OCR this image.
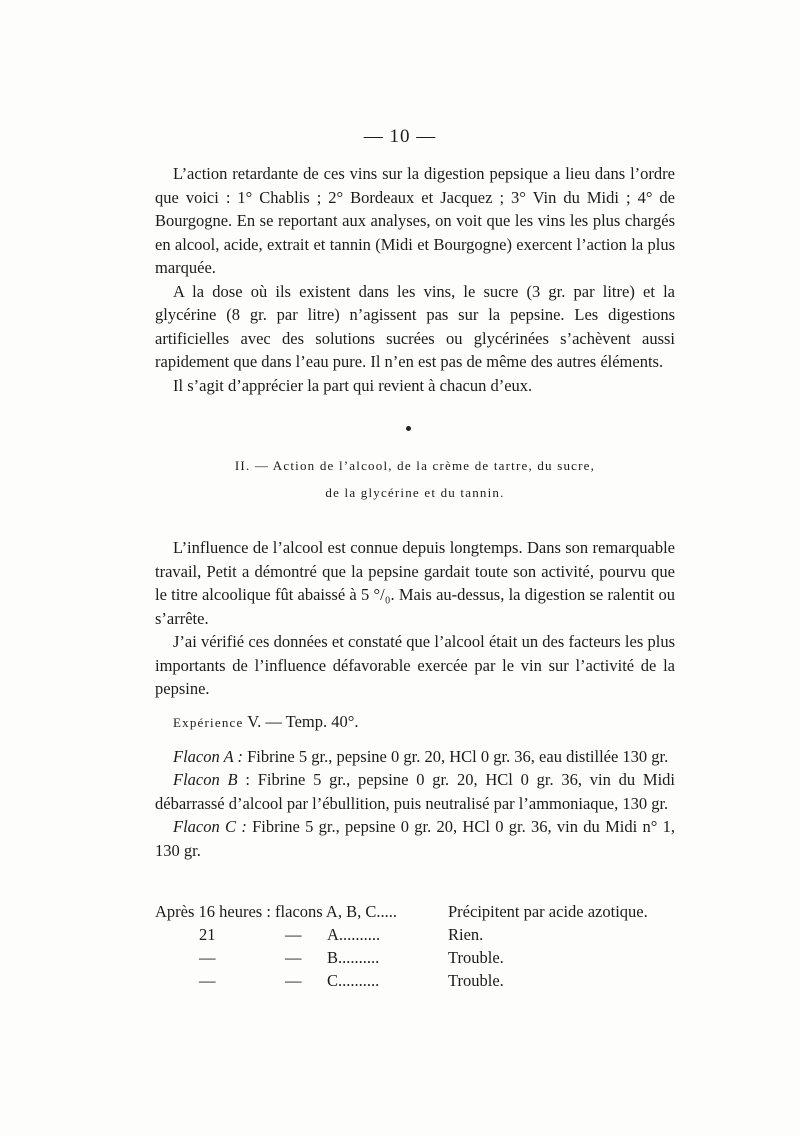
— 10 —

L’action retardante de ces vins sur la digestion pepsique a lieu dans l’ordre que voici : 1° Chablis ; 2° Bordeaux et Jacquez ; 3° Vin du Midi ; 4° de Bourgogne. En se reportant aux analyses, on voit que les vins les plus chargés en alcool, acide, extrait et tannin (Midi et Bourgogne) exercent l’action la plus marquée.

A la dose où ils existent dans les vins, le sucre (3 gr. par litre) et la glycérine (8 gr. par litre) n’agissent pas sur la pepsine. Les digestions artificielles avec des solutions sucrées ou glycérinées s’achèvent aussi rapidement que dans l’eau pure. Il n’en est pas de même des autres éléments.

Il s’agit d’apprécier la part qui revient à chacun d’eux.

II. — Action de l’alcool, de la crème de tartre, du sucre,
de la glycérine et du tannin.

L’influence de l’alcool est connue depuis longtemps. Dans son remarquable travail, Petit a démontré que la pepsine gardait toute son activité, pourvu que le titre alcoolique fût abaissé à 5 °/₀. Mais au-dessus, la digestion se ralentit ou s’arrête.

J’ai vérifié ces données et constaté que l’alcool était un des facteurs les plus importants de l’influence défavorable exercée par le vin sur l’activité de la pepsine.

Expérience V. — Temp. 40°.

Flacon A : Fibrine 5 gr., pepsine 0 gr. 20, HCl 0 gr. 36, eau distillée 130 gr.

Flacon B : Fibrine 5 gr., pepsine 0 gr. 20, HCl 0 gr. 36, vin du Midi débarrassé d’alcool par l’ébullition, puis neutralisé par l’ammoniaque, 130 gr.

Flacon C : Fibrine 5 gr., pepsine 0 gr. 20, HCl 0 gr. 36, vin du Midi n° 1, 130 gr.

Après 16 heures : flacons A, B, C.....	Précipitent par acide azotique.
21	— A..........	Rien.
—	— B..........	Trouble.
—	— C..........	Trouble.
